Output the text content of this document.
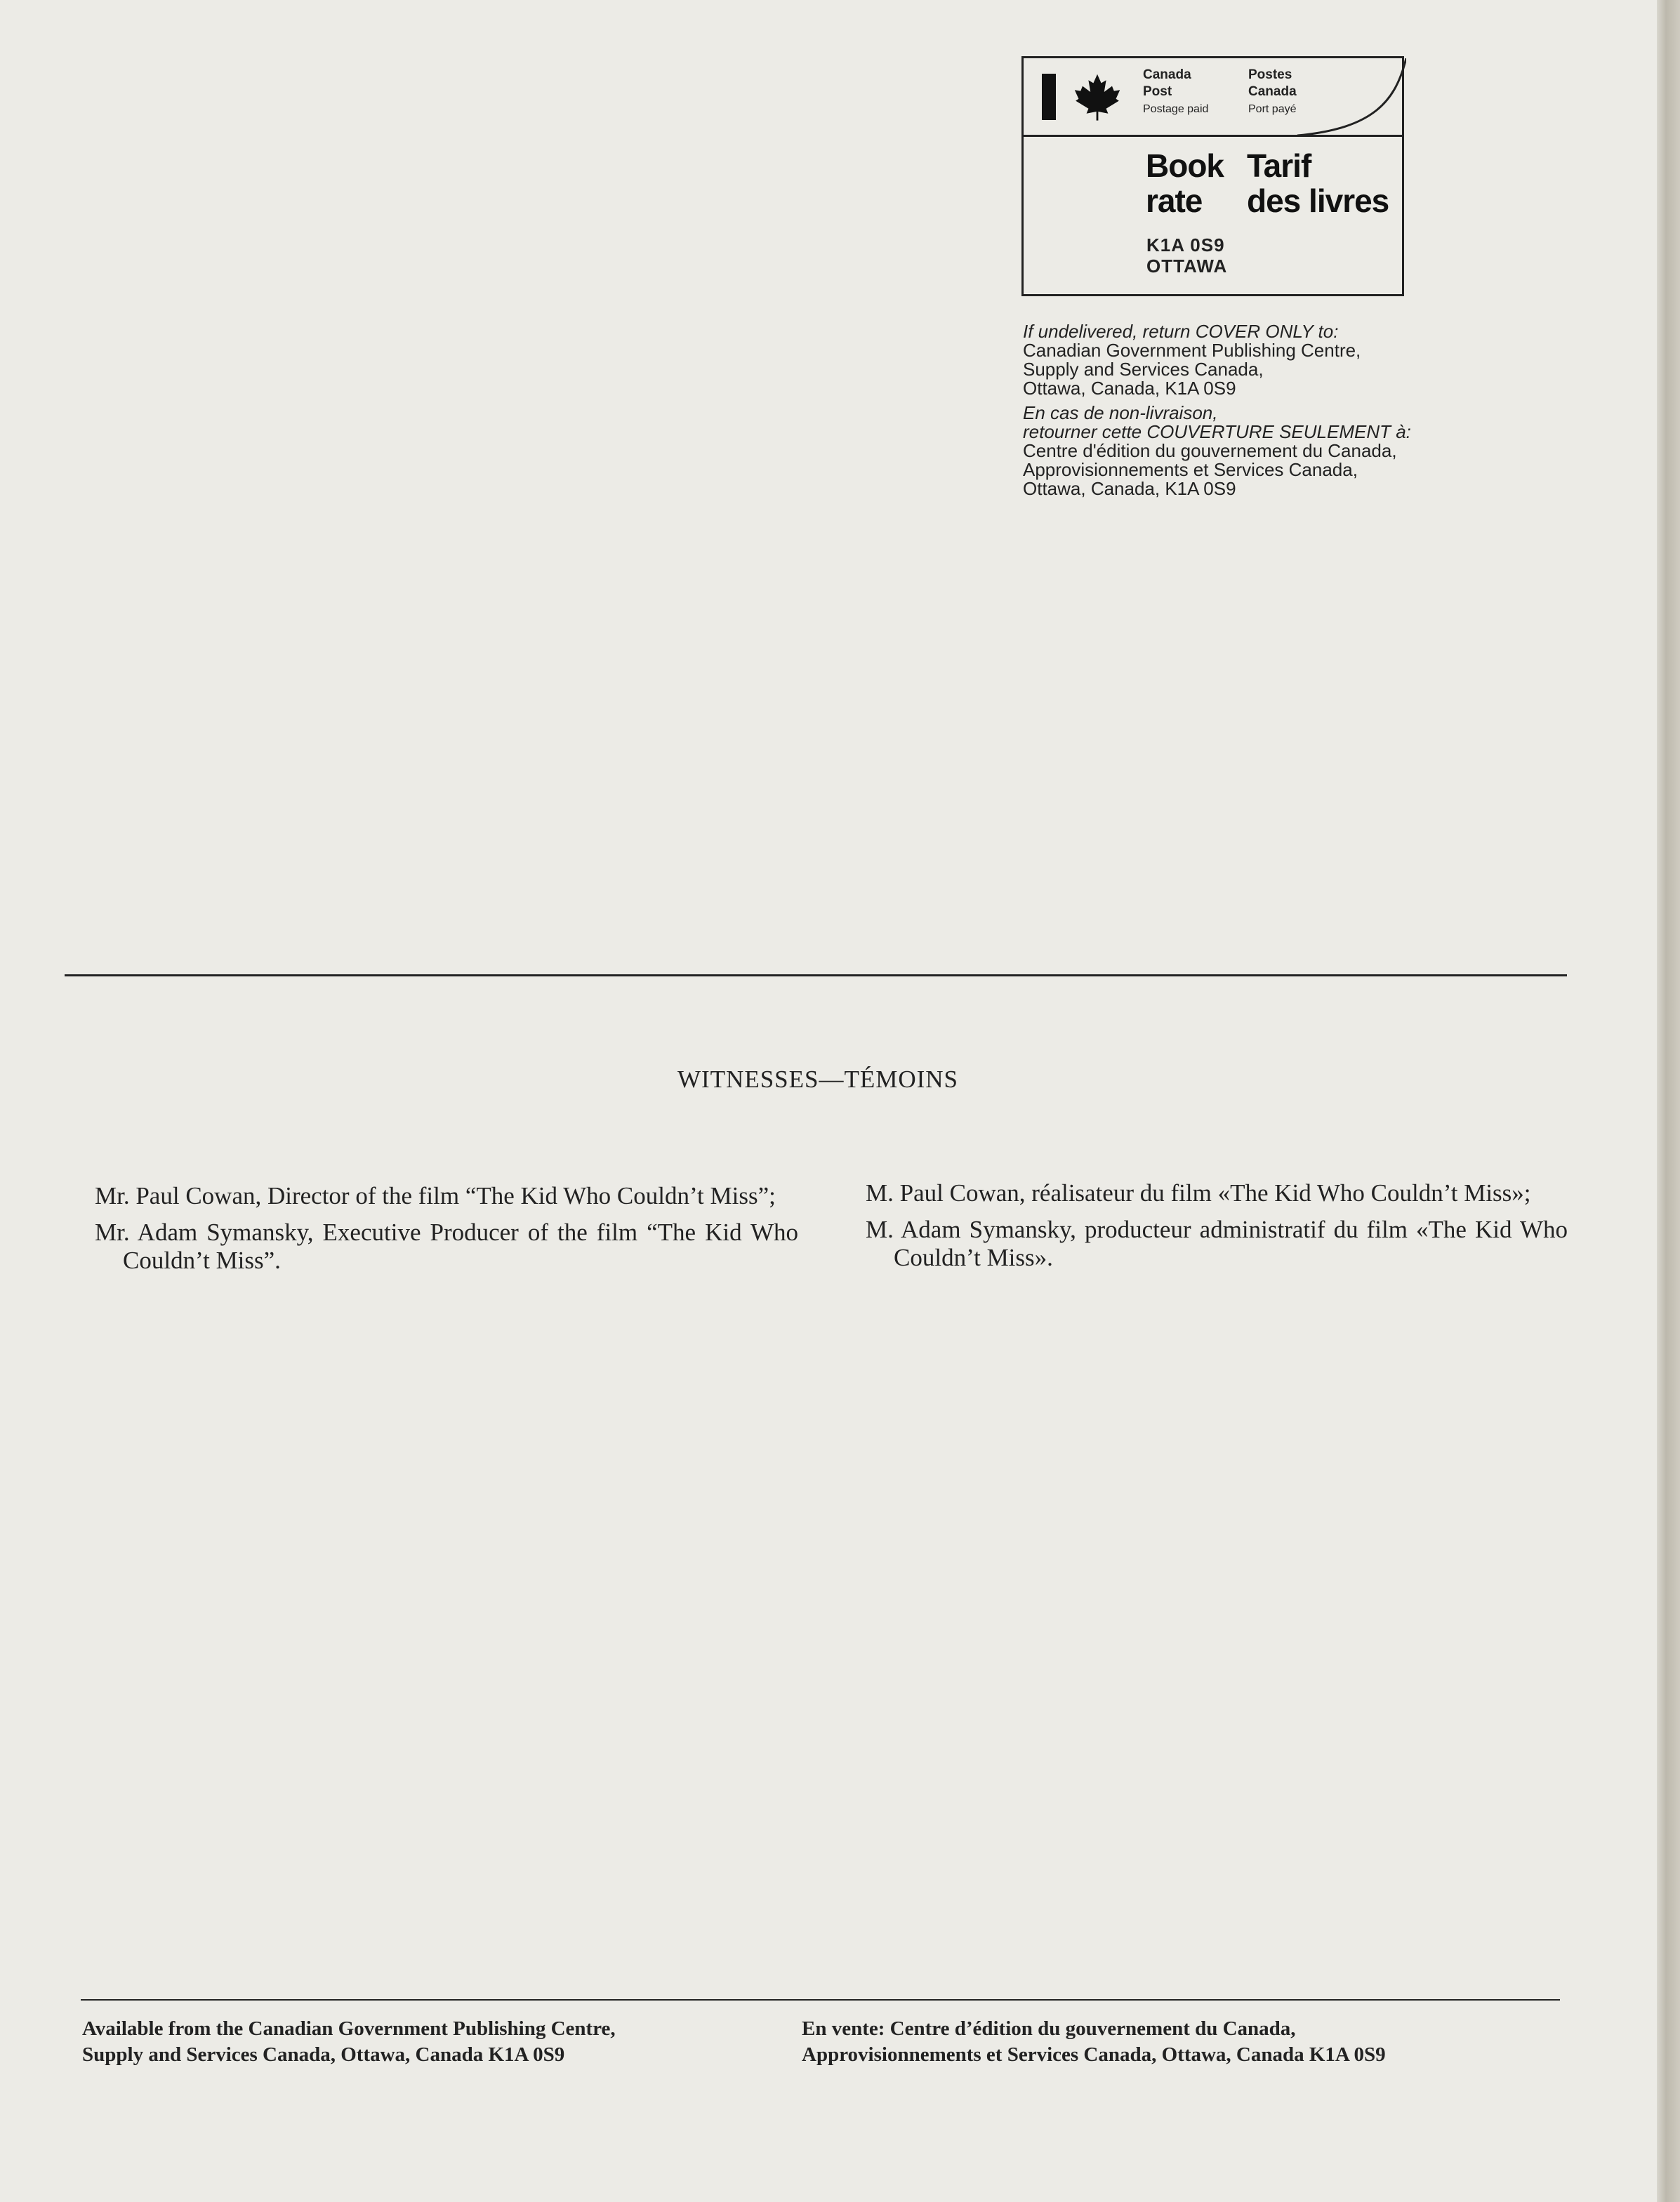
Canada
Post
Postage paid
Postes
Canada
Port payé
Book
rate
Tarif
des livres
K1A 0S9
OTTAWA
If undelivered, return COVER ONLY to:
Canadian Government Publishing Centre,
Supply and Services Canada,
Ottawa, Canada, K1A 0S9
En cas de non-livraison,
retourner cette COUVERTURE SEULEMENT à:
Centre d'édition du gouvernement du Canada,
Approvisionnements et Services Canada,
Ottawa, Canada, K1A 0S9
WITNESSES—TÉMOINS
Mr. Paul Cowan, Director of the film “The Kid Who Couldn’t Miss”;
Mr. Adam Symansky, Executive Producer of the film “The Kid Who Couldn’t Miss”.
M. Paul Cowan, réalisateur du film «The Kid Who Couldn’t Miss»;
M. Adam Symansky, producteur administratif du film «The Kid Who Couldn’t Miss».
Available from the Canadian Government Publishing Centre,
Supply and Services Canada, Ottawa, Canada K1A 0S9
En vente: Centre d’édition du gouvernement du Canada,
Approvisionnements et Services Canada, Ottawa, Canada K1A 0S9
